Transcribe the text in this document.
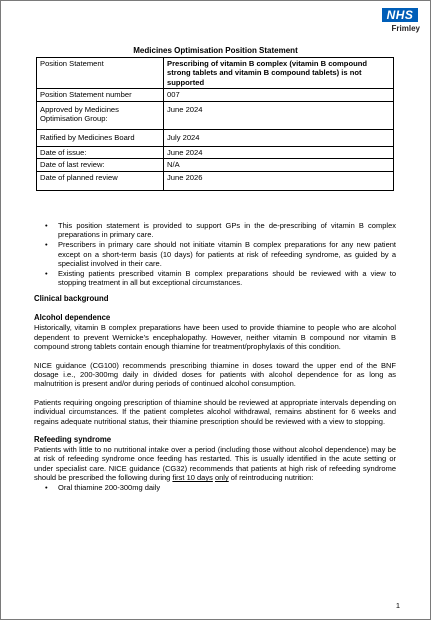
NHS
Frimley
Medicines Optimisation Position Statement
Position Statement	Prescribing of vitamin B complex (vitamin B compound strong tablets and vitamin B compound tablets) is not supported
Position Statement number	007
Approved by Medicines Optimisation Group:	June 2024
Ratified by Medicines Board	July 2024
Date of issue:	June 2024
Date of last review:	N/A
Date of planned review	June 2026
• This position statement is provided to support GPs in the de-prescribing of vitamin B complex preparations in primary care.
• Prescribers in primary care should not initiate vitamin B complex preparations for any new patient except on a short-term basis (10 days) for patients at risk of refeeding syndrome, as guided by a specialist involved in their care.
• Existing patients prescribed vitamin B complex preparations should be reviewed with a view to stopping treatment in all but exceptional circumstances.
Clinical background
Alcohol dependence

Historically, vitamin B complex preparations have been used to provide thiamine to people who are alcohol dependent to prevent Wernicke’s encephalopathy. However, neither vitamin B compound nor vitamin B compound strong tablets contain enough thiamine for treatment/prophylaxis of this condition.

NICE guidance (CG100) recommends prescribing thiamine in doses toward the upper end of the BNF dosage i.e., 200-300mg daily in divided doses for patients with alcohol dependence for as long as malnutrition is present and/or during periods of continued alcohol consumption.

Patients requiring ongoing prescription of thiamine should be reviewed at appropriate intervals depending on individual circumstances. If the patient completes alcohol withdrawal, remains abstinent for 6 weeks and regains adequate nutritional status, their thiamine prescription should be reviewed with a view to stopping.

Refeeding syndrome

Patients with little to no nutritional intake over a period (including those without alcohol dependence) may be at risk of refeeding syndrome once feeding has restarted. This is usually identified in the acute setting or under specialist care. NICE guidance (CG32) recommends that patients at high risk of refeeding syndrome should be prescribed the following during first 10 days only of reintroducing nutrition:

• Oral thiamine 200-300mg daily
1
